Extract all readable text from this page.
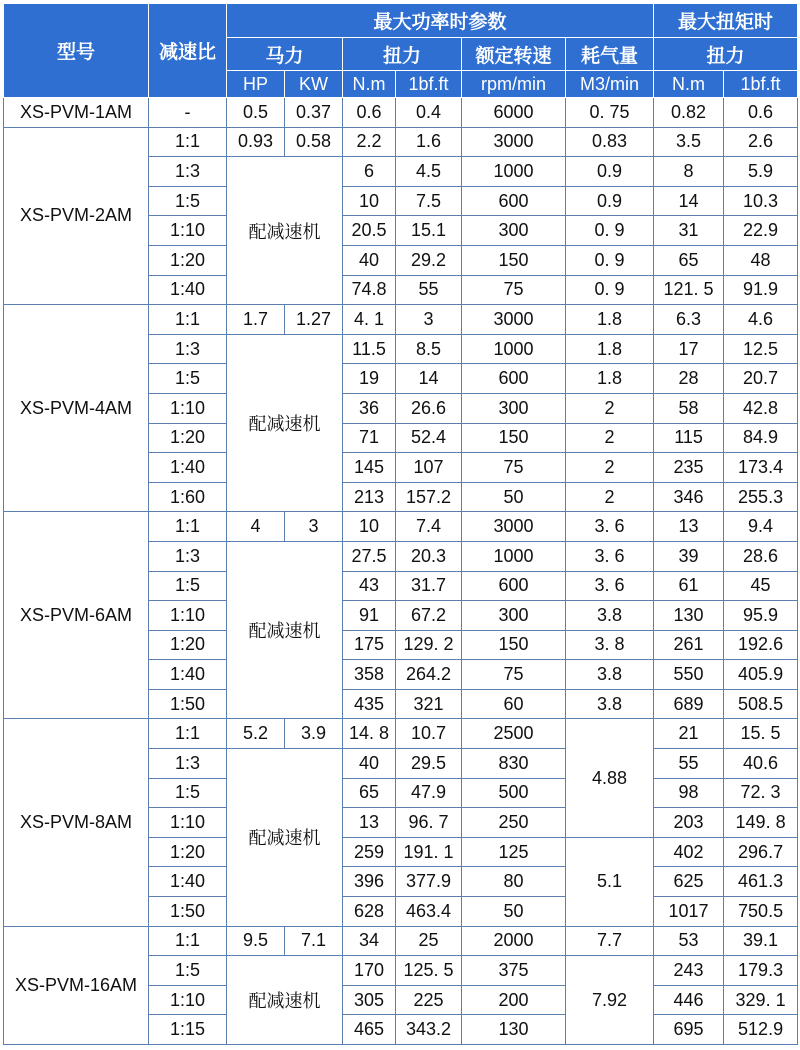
型号	减速比	最大功率时参数						最大扭矩时	
		马力		扭力		额定转速	耗气量	扭力	
		HP	KW	N.m	1bf.ft	rpm/min	M3/min	N.m	1bf.ft
XS-PVM-1AM	-	0.5	0.37	0.6	0.4	6000	0. 75	0.82	0.6
XS-PVM-2AM	1:1	0.93	0.58	2.2	1.6	3000	0.83	3.5	2.6
	1:3	配减速机		6	4.5	1000	0.9	8	5.9
	1:5			10	7.5	600	0.9	14	10.3
	1:10			20.5	15.1	300	0. 9	31	22.9
	1:20			40	29.2	150	0. 9	65	48
	1:40			74.8	55	75	0. 9	121. 5	91.9
XS-PVM-4AM	1:1	1.7	1.27	4. 1	3	3000	1.8	6.3	4.6
	1:3	配减速机		11.5	8.5	1000	1.8	17	12.5
	1:5			19	14	600	1.8	28	20.7
	1:10			36	26.6	300	2	58	42.8
	1:20			71	52.4	150	2	115	84.9
	1:40			145	107	75	2	235	173.4
	1:60			213	157.2	50	2	346	255.3
XS-PVM-6AM	1:1	4	3	10	7.4	3000	3. 6	13	9.4
	1:3	配减速机		27.5	20.3	1000	3. 6	39	28.6
	1:5			43	31.7	600	3. 6	61	45
	1:10			91	67.2	300	3.8	130	95.9
	1:20			175	129. 2	150	3. 8	261	192.6
	1:40			358	264.2	75	3.8	550	405.9
	1:50			435	321	60	3.8	689	508.5
XS-PVM-8AM	1:1	5.2	3.9	14. 8	10.7	2500	4.88	21	15. 5
	1:3	配减速机		40	29.5	830		55	40.6
	1:5			65	47.9	500		98	72. 3
	1:10			13	96. 7	250		203	149. 8
	1:20			259	191. 1	125	5.1	402	296.7
	1:40			396	377.9	80		625	461.3
	1:50			628	463.4	50		1017	750.5
XS-PVM-16AM	1:1	9.5	7.1	34	25	2000	7.7	53	39.1
	1:5	配减速机		170	125. 5	375	7.92	243	179.3
	1:10			305	225	200		446	329. 1
	1:15			465	343.2	130		695	512.9
